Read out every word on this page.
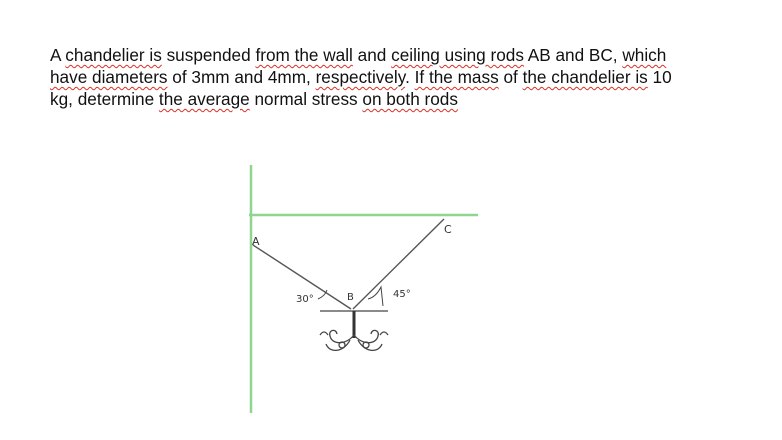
A chandelier is suspended from the wall and ceiling using rods AB and BC, which
have diameters of 3mm and 4mm, respectively. If the mass of the chandelier is 10
kg, determine the average normal stress on both rods
A
C
B
30°	45°
